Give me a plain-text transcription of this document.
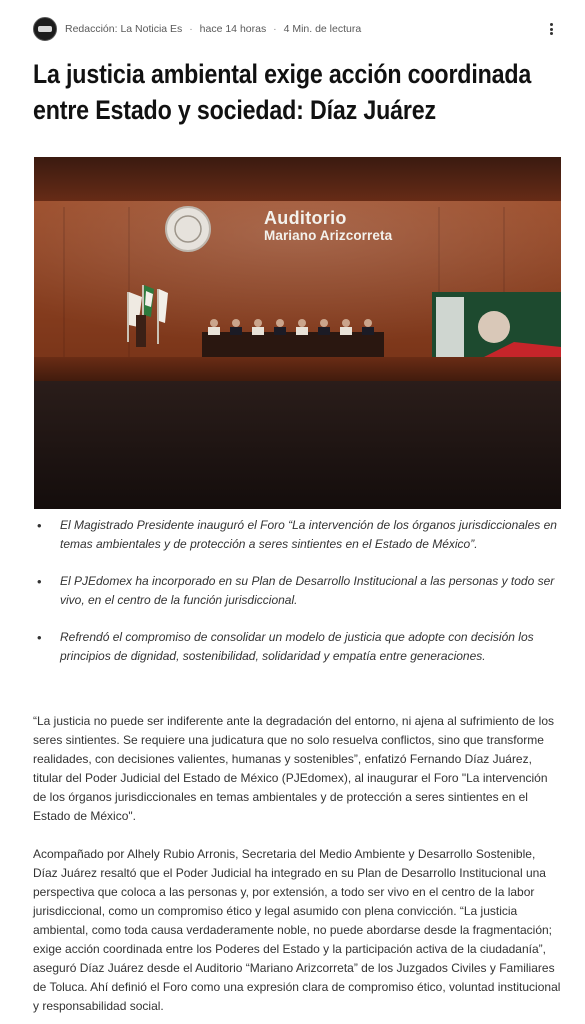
Redacción: La Noticia Es · hace 14 horas · 4 Min. de lectura
La justicia ambiental exige acción coordinada entre Estado y sociedad: Díaz Juárez
Auditorio
Mariano Arizcorreta
• El Magistrado Presidente inauguró el Foro “La intervención de los órganos jurisdiccionales en temas ambientales y de protección a seres sintientes en el Estado de México”.
• El PJEdomex ha incorporado en su Plan de Desarrollo Institucional a las personas y todo ser vivo, en el centro de la función jurisdiccional.
• Refrendó el compromiso de consolidar un modelo de justicia que adopte con decisión los principios de dignidad, sostenibilidad, solidaridad y empatía entre generaciones.

“La justicia no puede ser indiferente ante la degradación del entorno, ni ajena al sufrimiento de los seres sintientes. Se requiere una judicatura que no solo resuelva conflictos, sino que transforme realidades, con decisiones valientes, humanas y sostenibles”, enfatizó Fernando Díaz Juárez, titular del Poder Judicial del Estado de México (PJEdomex), al inaugurar el Foro "La intervención de los órganos jurisdiccionales en temas ambientales y de protección a seres sintientes en el Estado de México".

Acompañado por Alhely Rubio Arronis, Secretaria del Medio Ambiente y Desarrollo Sostenible, Díaz Juárez resaltó que el Poder Judicial ha integrado en su Plan de Desarrollo Institucional una perspectiva que coloca a las personas y, por extensión, a todo ser vivo en el centro de la labor jurisdiccional, como un compromiso ético y legal asumido con plena convicción. “La justicia ambiental, como toda causa verdaderamente noble, no puede abordarse desde la fragmentación; exige acción coordinada entre los Poderes del Estado y la participación activa de la ciudadanía”, aseguró Díaz Juárez desde el Auditorio “Mariano Arizcorreta” de los Juzgados Civiles y Familiares de Toluca. Ahí definió el Foro como una expresión clara de compromiso ético, voluntad institucional y responsabilidad social.
